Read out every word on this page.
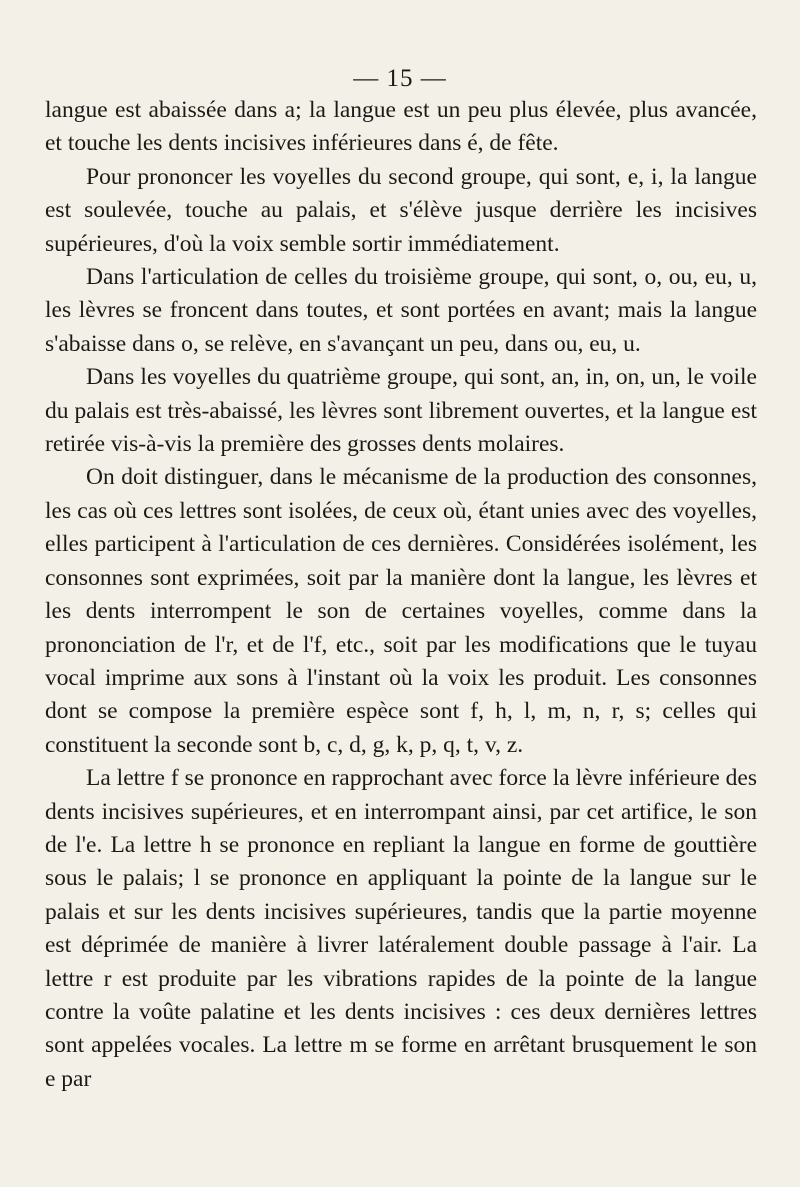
— 15 —

langue est abaissée dans a; la langue est un peu plus élevée, plus avancée, et touche les dents incisives inférieures dans é, de fête.

Pour prononcer les voyelles du second groupe, qui sont, e, i, la langue est soulevée, touche au palais, et s'élève jusque derrière les incisives supérieures, d'où la voix semble sortir immédiatement.

Dans l'articulation de celles du troisième groupe, qui sont, o, ou, eu, u, les lèvres se froncent dans toutes, et sont portées en avant; mais la langue s'abaisse dans o, se relève, en s'avançant un peu, dans ou, eu, u.

Dans les voyelles du quatrième groupe, qui sont, an, in, on, un, le voile du palais est très-abaissé, les lèvres sont librement ouvertes, et la langue est retirée vis-à-vis la première des grosses dents molaires.

On doit distinguer, dans le mécanisme de la production des consonnes, les cas où ces lettres sont isolées, de ceux où, étant unies avec des voyelles, elles participent à l'articulation de ces dernières. Considérées isolément, les consonnes sont exprimées, soit par la manière dont la langue, les lèvres et les dents interrompent le son de certaines voyelles, comme dans la prononciation de l'r, et de l'f, etc., soit par les modifications que le tuyau vocal imprime aux sons à l'instant où la voix les produit. Les consonnes dont se compose la première espèce sont f, h, l, m, n, r, s; celles qui constituent la seconde sont b, c, d, g, k, p, q, t, v, z.

La lettre f se prononce en rapprochant avec force la lèvre inférieure des dents incisives supérieures, et en interrompant ainsi, par cet artifice, le son de l'e. La lettre h se prononce en repliant la langue en forme de gouttière sous le palais; l se prononce en appliquant la pointe de la langue sur le palais et sur les dents incisives supérieures, tandis que la partie moyenne est déprimée de manière à livrer latéralement double passage à l'air. La lettre r est produite par les vibrations rapides de la pointe de la langue contre la voûte palatine et les dents incisives : ces deux dernières lettres sont appelées vocales. La lettre m se forme en arrêtant brusquement le son e par
